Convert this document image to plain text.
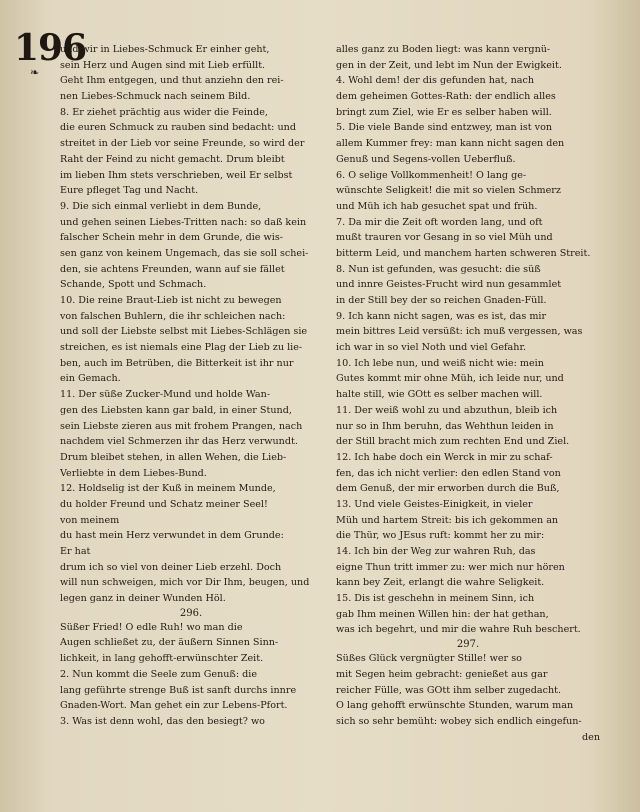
196
❧
und wir in Liebes-Schmuck Er einher geht,
sein Herz und Augen sind mit Lieb erfüllt.
Geht Ihm entgegen, und thut anziehn den rei-
nen Liebes-Schmuck nach seinem Bild.
8. Er ziehet prächtig aus wider die Feinde,
die euren Schmuck zu rauben sind bedacht: und
streitet in der Lieb vor seine Freunde, so wird der
Raht der Feind zu nicht gemacht. Drum bleibt
im lieben Ihm stets verschrieben, weil Er selbst
Eure pfleget Tag und Nacht.
9. Die sich einmal verliebt in dem Bunde,
und gehen seinen Liebes-Tritten nach: so daß kein
falscher Schein mehr in dem Grunde, die wis-
sen ganz von keinem Ungemach, das sie soll schei-
den, sie achtens Freunden, wann auf sie fället
Schande, Spott und Schmach.
10. Die reine Braut-Lieb ist nicht zu bewegen
von falschen Buhlern, die ihr schleichen nach:
und soll der Liebste selbst mit Liebes-Schlägen sie
streichen, es ist niemals eine Plag der Lieb zu lie-
ben, auch im Betrüben, die Bitterkeit ist ihr nur
ein Gemach.
11. Der süße Zucker-Mund und holde Wan-
gen des Liebsten kann gar bald, in einer Stund,
sein Liebste zieren aus mit frohem Prangen, nach
nachdem viel Schmerzen ihr das Herz verwundt.
Drum bleibet stehen, in allen Wehen, die Lieb-
Verliebte in dem Liebes-Bund.
12. Holdselig ist der Kuß in meinem Munde,
du holder Freund und Schatz meiner Seel!
von meinem
du hast mein Herz verwundet in dem Grunde:
Er hat
drum ich so viel von deiner Lieb erzehl. Doch
will nun schweigen, mich vor Dir Ihm, beugen, und
legen ganz in deiner Wunden Höl.
296.
Süßer Fried! O edle Ruh! wo man die
Augen schließet zu, der äußern Sinnen Sinn-
lichkeit, in lang gehofft-erwünschter Zeit.
2. Nun kommt die Seele zum Genuß: die
lang geführte strenge Buß ist sanft durchs innre
Gnaden-Wort. Man gehet ein zur Lebens-Pfort.
3. Was ist denn wohl, das den besiegt? wo
alles ganz zu Boden liegt: was kann vergnü-
gen in der Zeit, und lebt im Nun der Ewigkeit.
4. Wohl dem! der dis gefunden hat, nach
dem geheimen Gottes-Rath: der endlich alles
bringt zum Ziel, wie Er es selber haben will.
5. Die viele Bande sind entzwey, man ist von
allem Kummer frey: man kann nicht sagen den
Genuß und Segens-vollen Ueberfluß.
6. O selige Vollkommenheit! O lang ge-
wünschte Seligkeit! die mit so vielen Schmerz
und Müh ich hab gesuchet spat und früh.
7. Da mir die Zeit oft worden lang, und oft
mußt trauren vor Gesang in so viel Müh und
bitterm Leid, und manchem harten schweren Streit.
8. Nun ist gefunden, was gesucht: die süß
und innre Geistes-Frucht wird nun gesammlet
in der Still bey der so reichen Gnaden-Füll.
9. Ich kann nicht sagen, was es ist, das mir
mein bittres Leid versüßt: ich muß vergessen, was
ich war in so viel Noth und viel Gefahr.
10. Ich lebe nun, und weiß nicht wie: mein
Gutes kommt mir ohne Müh, ich leide nur, und
halte still, wie GOtt es selber machen will.
11. Der weiß wohl zu und abzuthun, bleib ich
nur so in Ihm beruhn, das Wehthun leiden in
der Still bracht mich zum rechten End und Ziel.
12. Ich habe doch ein Werck in mir zu schaf-
fen, das ich nicht verlier: den edlen Stand von
dem Genuß, der mir erworben durch die Buß,
13. Und viele Geistes-Einigkeit, in vieler
Müh und hartem Streit: bis ich gekommen an
die Thür, wo JEsus ruft: kommt her zu mir:
14. Ich bin der Weg zur wahren Ruh, das
eigne Thun tritt immer zu: wer mich nur hören
kann bey Zeit, erlangt die wahre Seligkeit.
15. Dis ist geschehn in meinem Sinn, ich
gab Ihm meinen Willen hin: der hat gethan,
was ich begehrt, und mir die wahre Ruh beschert.
297.
Süßes Glück vergnügter Stille! wer so
mit Segen heim gebracht: genießet aus gar
reicher Fülle, was GOtt ihm selber zugedacht.
O lang gehofft erwünschte Stunden, warum man
sich so sehr bemüht: wobey sich endlich eingefun-
den
